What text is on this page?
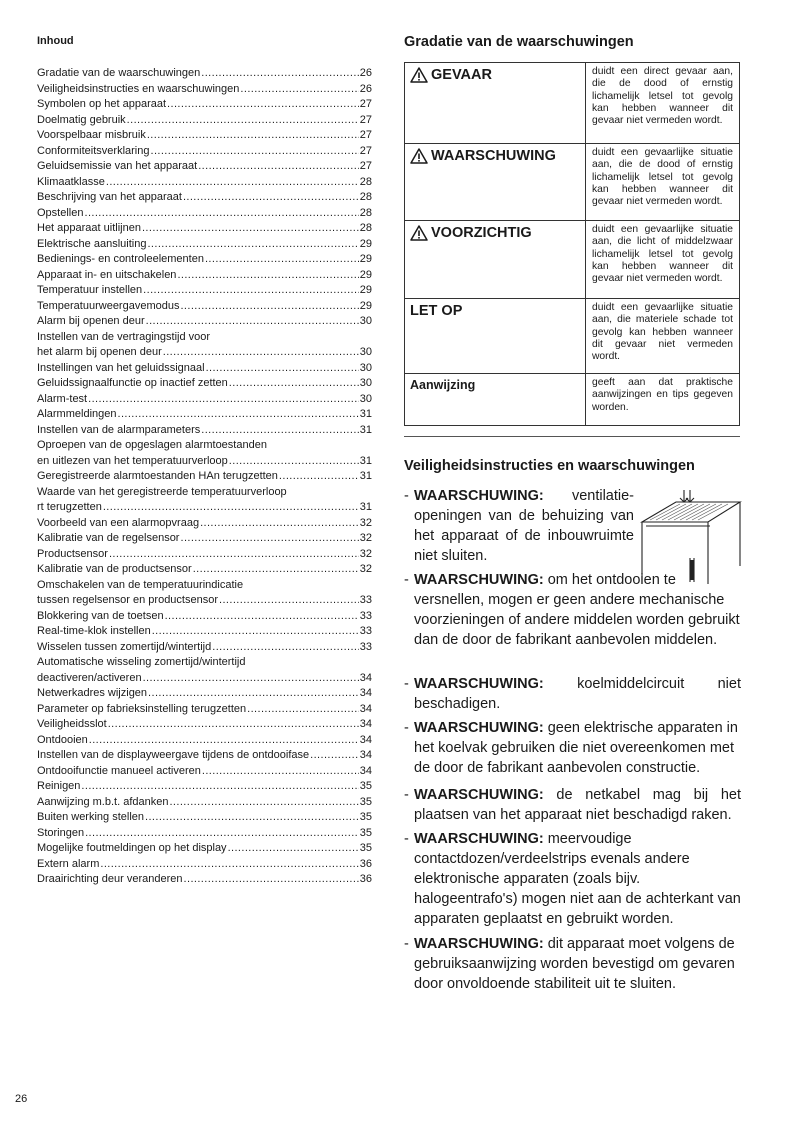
Inhoud
Gradatie van de waarschuwingen .....	26
Veiligheidsinstructies en waarschuwingen .....	26
Symbolen op het apparaat .....	27
Doelmatig gebruik .....	27
Voorspelbaar misbruik .....	27
Conformiteitsverklaring .....	27
Geluidsemissie van het apparaat .....	27
Klimaatklasse .....	28
Beschrijving van het apparaat .....	28
Opstellen .....	28
Het apparaat uitlijnen .....	28
Elektrische aansluiting .....	29
Bedienings- en controleelementen .....	29
Apparaat in- en uitschakelen .....	29
Temperatuur instellen .....	29
Temperatuurweergavemodus .....	29
Alarm bij openen deur .....	30
Instellen van de vertragingstijd voor
het alarm bij openen deur .....	30
Instellingen van het geluidssignaal .....	30
Geluidssignaalfunctie op inactief zetten .....	30
Alarm-test .....	30
Alarmmeldingen .....	31
Instellen van de alarmparameters .....	31
Oproepen van de opgeslagen alarmtoestanden
en uitlezen van het temperatuurverloop .....	31
Geregistreerde alarmtoestanden HAn terugzetten .....	31
Waarde van het geregistreerde temperatuurverloop
rt terugzetten .....	31
Voorbeeld van een alarmopvraag .....	32
Kalibratie van de regelsensor .....	32
Productsensor .....	32
Kalibratie van de productsensor .....	32
Omschakelen van de temperatuurindicatie
tussen regelsensor en productsensor .....	33
Blokkering van de toetsen .....	33
Real-time-klok instellen .....	33
Wisselen tussen zomertijd/wintertijd .....	33
Automatische wisseling zomertijd/wintertijd
deactiveren/activeren .....	34
Netwerkadres wijzigen .....	34
Parameter op fabrieksinstelling terugzetten .....	34
Veiligheidsslot .....	34
Ontdooien .....	34
Instellen van de displayweergave tijdens de ontdooifase .....	34
Ontdooifunctie manueel activeren .....	34
Reinigen .....	35
Aanwijzing m.b.t. afdanken .....	35
Buiten werking stellen .....	35
Storingen .....	35
Mogelijke foutmeldingen op het display .....	35
Extern alarm .....	36
Draairichting deur veranderen .....	36
Gradatie van de waarschuwingen
GEVAAR	duidt een direct gevaar aan, die de dood of ernstig lichamelijk letsel tot gevolg kan hebben wanneer dit gevaar niet vermeden wordt.

WAARSCHUWING	duidt een gevaarlijke situatie aan, die de dood of ernstig lichamelijk letsel tot gevolg kan hebben wanneer dit gevaar niet vermeden wordt.

VOORZICHTIG	duidt een gevaarlijke situatie aan, die licht of middelzwaar lichamelijk letsel tot gevolg kan hebben wanneer dit gevaar niet vermeden wordt.
LET OP	duidt een gevaarlijke situatie aan, die materiele schade tot gevolg kan hebben wanneer dit gevaar niet vermeden wordt.
Aanwijzing	geeft aan dat praktische aanwijzingen en tips gegeven worden.
Veiligheidsinstructies en waarschuwingen
- WAARSCHUWING: ventilatie-openingen van de behuizing van het apparaat of de inbouwruimte niet sluiten.
- WAARSCHUWING: om het ontdooien te versnellen, mogen er geen andere mechanische voorzieningen of andere middelen worden gebruikt dan de door de fabrikant aanbevolen middelen.
- WAARSCHUWING: koelmiddelcircuit niet beschadigen.
- WAARSCHUWING: geen elektrische apparaten in het koelvak gebruiken die niet overeenkomen met de door de fabrikant aanbevolen constructie.
- WAARSCHUWING: de netkabel mag bij het plaatsen van het apparaat niet beschadigd raken.
- WAARSCHUWING: meervoudige contactdozen/verdeelstrips evenals andere elektronische apparaten (zoals bijv. halogeentrafo's) mogen niet aan de achterkant van apparaten geplaatst en gebruikt worden.
- WAARSCHUWING: dit apparaat moet volgens de gebruiksaanwijzing worden bevestigd om gevaren door onvoldoende stabiliteit uit te sluiten.
26
